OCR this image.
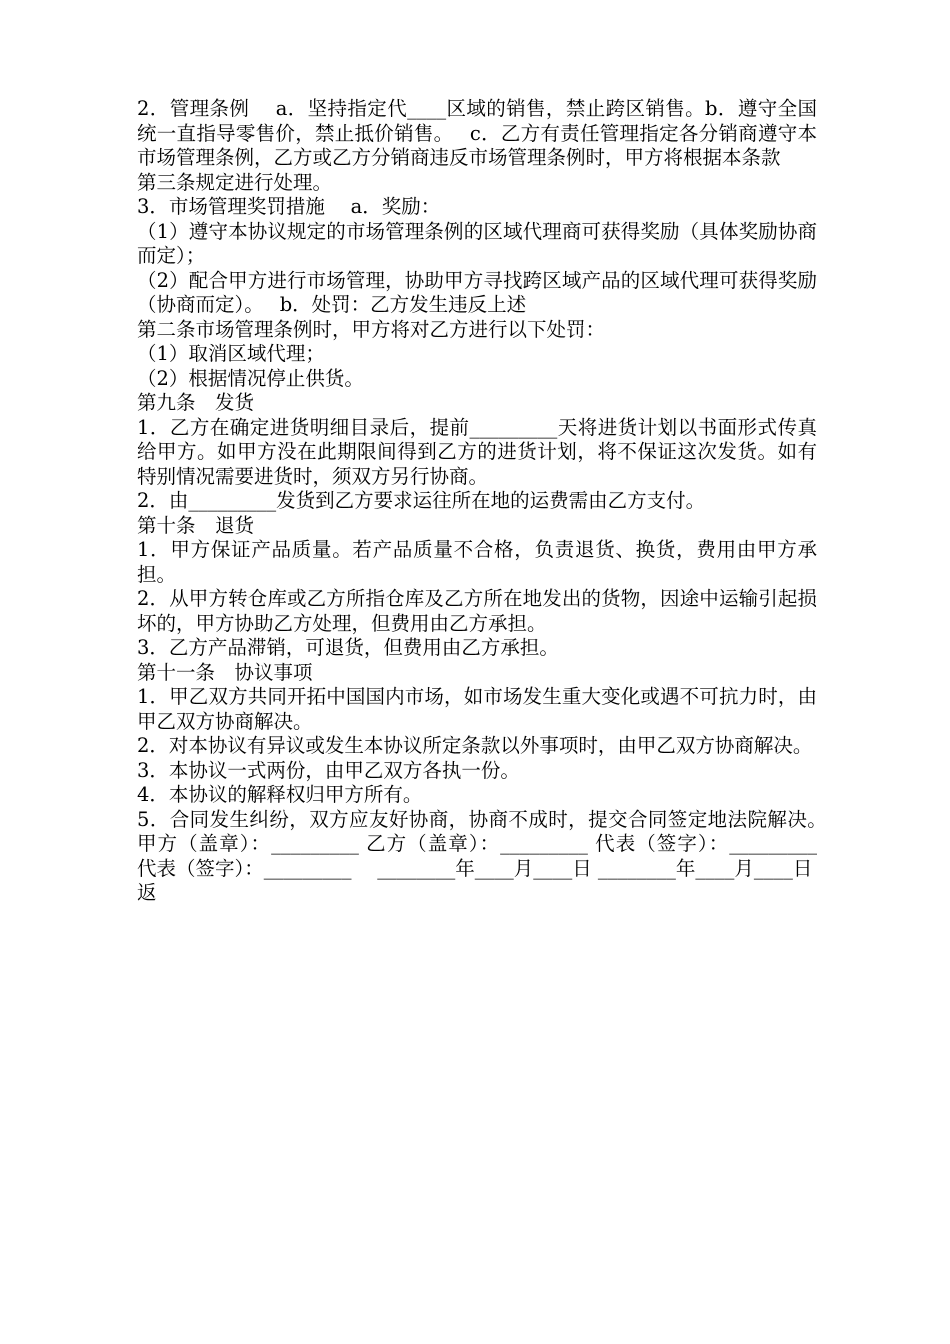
2．管理条例　 a．坚持指定代____区域的销售，禁止跨区销售。b．遵守全国统一直指导零售价，禁止抵价销售。　 c．乙方有责任管理指定各分销商遵守本市场管理条例，乙方或乙方分销商违反市场管理条例时，甲方将根据本条款
第三条规定进行处理。
3．市场管理奖罚措施　 a．奖励：
（1）遵守本协议规定的市场管理条例的区域代理商可获得奖励（具体奖励协商而定）；
（2）配合甲方进行市场管理，协助甲方寻找跨区域产品的区域代理可获得奖励（协商而定）。　 b．处罚：乙方发生违反上述
第二条市场管理条例时，甲方将对乙方进行以下处罚：
（1）取消区域代理；
（2）根据情况停止供货。
第九条　发货
1．乙方在确定进货明细目录后，提前_________天将进货计划以书面形式传真给甲方。如甲方没在此期限间得到乙方的进货计划，将不保证这次发货。如有特别情况需要进货时，须双方另行协商。
2．由_________发货到乙方要求运往所在地的运费需由乙方支付。
第十条　退货
1．甲方保证产品质量。若产品质量不合格，负责退货、换货，费用由甲方承担。
2．从甲方转仓库或乙方所指仓库及乙方所在地发出的货物，因途中运输引起损坏的，甲方协助乙方处理，但费用由乙方承担。
3．乙方产品滞销，可退货，但费用由乙方承担。
第十一条　协议事项
1．甲乙双方共同开拓中国国内市场，如市场发生重大变化或遇不可抗力时，由甲乙双方协商解决。
2．对本协议有异议或发生本协议所定条款以外事项时，由甲乙双方协商解决。
3．本协议一式两份，由甲乙双方各执一份。
4．本协议的解释权归甲方所有。
5．合同发生纠纷，双方应友好协商，协商不成时，提交合同签定地法院解决。　 甲方（盖章）：_________ 乙方（盖章）：_________ 代表（签字）：_________ 代表（签字）：_________　 ________年____月____日 ________年____月____日
返
